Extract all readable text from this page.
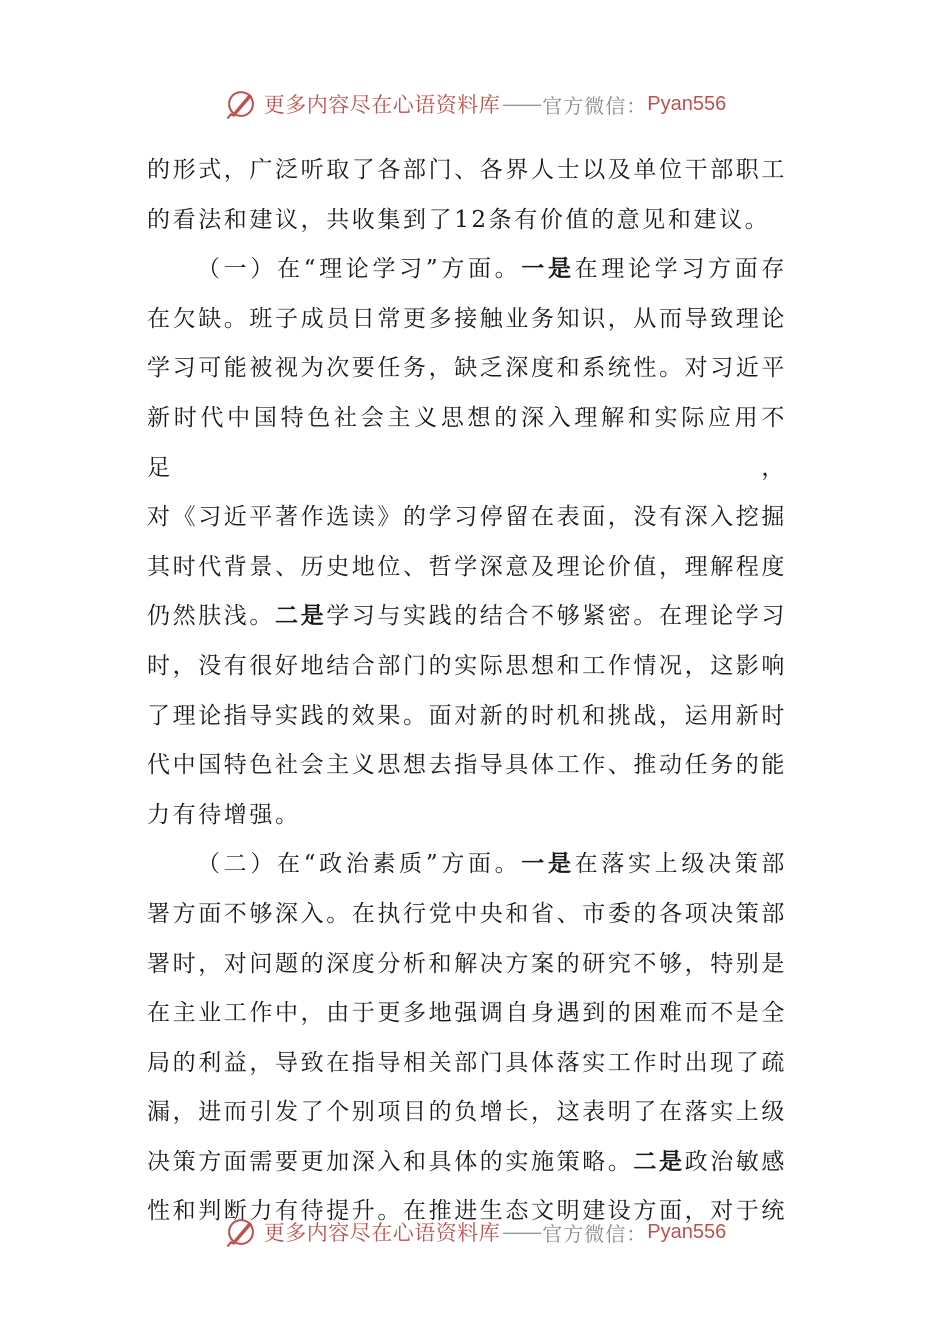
更多内容尽在心语资料库 —— 官方微信： Pyan556

的形式，广泛听取了各部门、各界人士以及单位干部职工

的看法和建议，共收集到了12条有价值的意见和建议。

（一）在“理论学习”方面。一是在理论学习方面存

在欠缺。班子成员日常更多接触业务知识，从而导致理论

学习可能被视为次要任务，缺乏深度和系统性。对习近平

新时代中国特色社会主义思想的深入理解和实际应用不足，

对《习近平著作选读》的学习停留在表面，没有深入挖掘

其时代背景、历史地位、哲学深意及理论价值，理解程度

仍然肤浅。二是学习与实践的结合不够紧密。在理论学习

时，没有很好地结合部门的实际思想和工作情况，这影响

了理论指导实践的效果。面对新的时机和挑战，运用新时

代中国特色社会主义思想去指导具体工作、推动任务的能

力有待增强。

（二）在“政治素质”方面。一是在落实上级决策部

署方面不够深入。在执行党中央和省、市委的各项决策部

署时，对问题的深度分析和解决方案的研究不够，特别是

在主业工作中，由于更多地强调自身遇到的困难而不是全

局的利益，导致在指导相关部门具体落实工作时出现了疏

漏，进而引发了个别项目的负增长，这表明了在落实上级

决策方面需要更加深入和具体的实施策略。二是政治敏感

性和判断力有待提升。在推进生态文明建设方面，对于统

更多内容尽在心语资料库 —— 官方微信： Pyan556
